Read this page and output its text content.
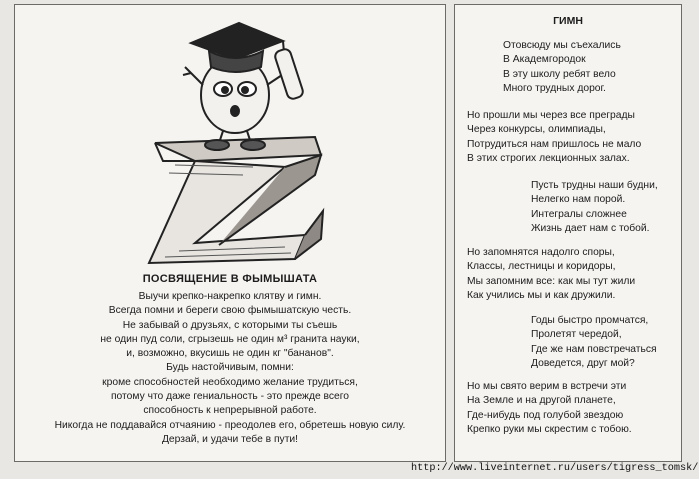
ПОСВЯЩЕНИЕ В ФЫМЫШАТА
Выучи крепко-накрепко клятву и гимн.
Всегда помни и береги свою фымышатскую честь.
Не забывай о друзьях, с которыми ты съешь
не один пуд соли, сгрызешь не один м³ гранита науки,
и, возможно, вкусишь не один кг "бананов".
Будь настойчивым, помни:
кроме способностей необходимо желание трудиться,
потому что даже гениальность - это прежде всего
способность к непрерывной работе.
Никогда не поддавайся отчаянию - преодолев его, обретешь новую силу.
Дерзай, и удачи тебе в пути!
ГИМН
Отовсюду мы съехались
В Академгородок
В эту школу ребят вело
Много трудных дорог.
Но прошли мы через все преграды
Через конкурсы, олимпиады,
Потрудиться нам пришлось не мало
В этих строгих лекционных залах.
Пусть трудны наши будни,
Нелегко нам порой.
Интегралы сложнее
Жизнь дает нам с тобой.
Но запомнятся надолго споры,
Классы, лестницы и коридоры,
Мы запомним все: как мы тут жили
Как учились мы и как дружили.
Годы быстро промчатся,
Пролетят чередой,
Где же нам повстречаться
Доведется, друг мой?
Но мы свято верим в встречи эти
На Земле и на другой планете,
Где-нибудь под голубой звездою
Крепко руки мы скрестим с тобою.
http://www.liveinternet.ru/users/tigress_tomsk/
